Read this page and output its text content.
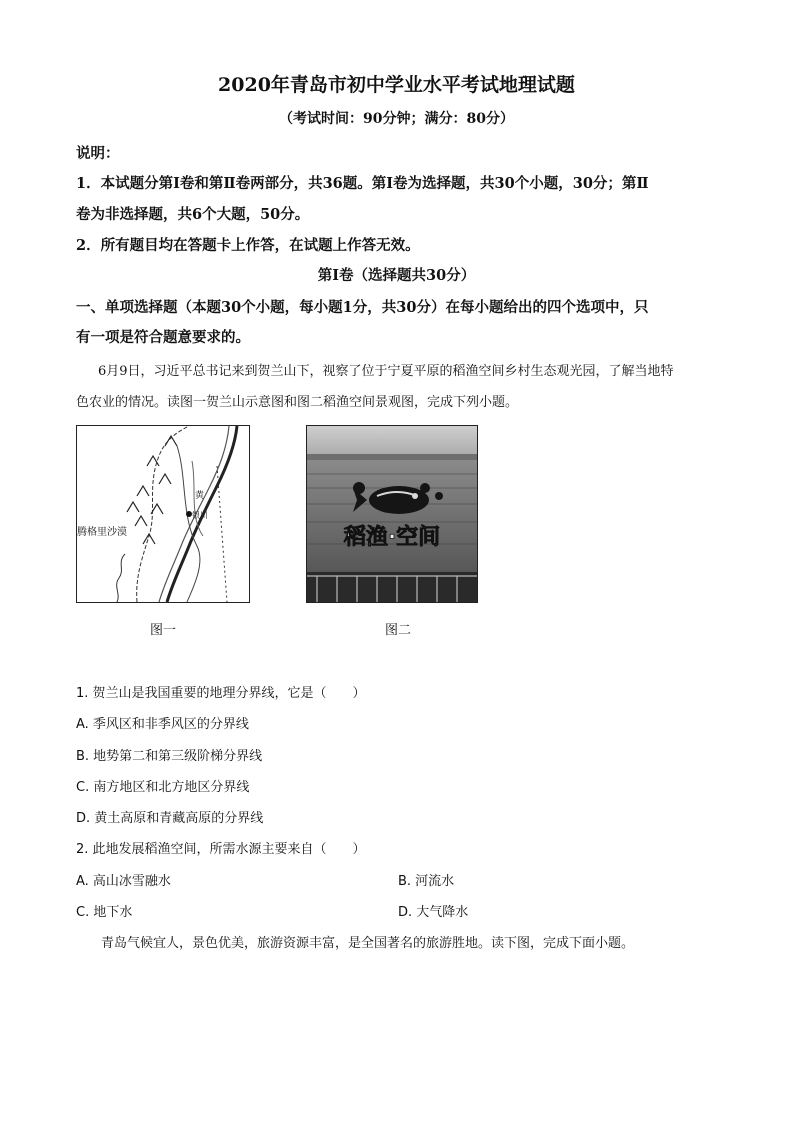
2020年青岛市初中学业水平考试地理试题
（考试时间：90分钟；满分：80分）
说明：
1．本试题分第Ⅰ卷和第Ⅱ卷两部分，共36题。第Ⅰ卷为选择题，共30个小题，30分；第Ⅱ
卷为非选择题，共6个大题，50分。
2．所有题目均在答题卡上作答，在试题上作答无效。
第Ⅰ卷（选择题共30分）
一、单项选择题（本题30个小题，每小题1分，共30分）在每小题给出的四个选项中，只
有一项是符合题意要求的。
6月9日，习近平总书记来到贺兰山下，视察了位于宁夏平原的稻渔空间乡村生态观光园，了解当地特
色农业的情况。读图一贺兰山示意图和图二稻渔空间景观图，完成下列小题。
腾格里沙漠
黄
银川
稻渔·空间
图一	图二
1. 贺兰山是我国重要的地理分界线，它是（　　）
A. 季风区和非季风区的分界线
B. 地势第二和第三级阶梯分界线
C. 南方地区和北方地区分界线
D. 黄土高原和青藏高原的分界线
2. 此地发展稻渔空间，所需水源主要来自（　　）
A. 高山冰雪融水	B. 河流水
C. 地下水	D. 大气降水
青岛气候宜人，景色优美，旅游资源丰富，是全国著名的旅游胜地。读下图，完成下面小题。
